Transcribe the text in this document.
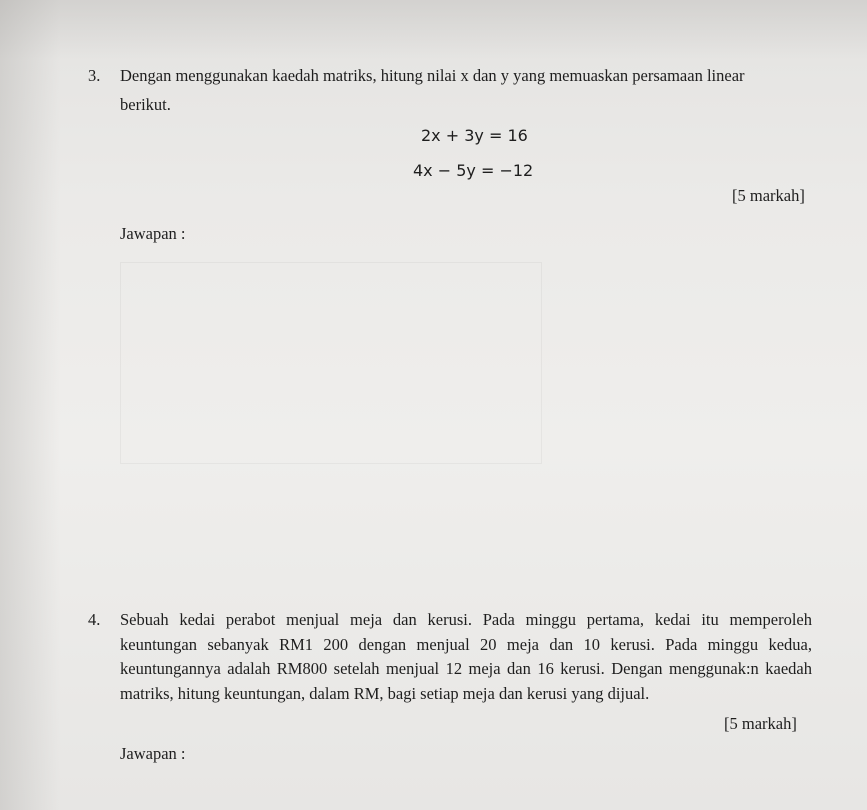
3. Dengan menggunakan kaedah matriks, hitung nilai x dan y yang memuaskan persamaan linear
berikut.
2x + 3y = 16
4x − 5y = −12
[5 markah]
Jawapan :
4. Sebuah kedai perabot menjual meja dan kerusi. Pada minggu pertama, kedai itu memperoleh keuntungan sebanyak RM1 200 dengan menjual 20 meja dan 10 kerusi. Pada minggu kedua, keuntungannya adalah RM800 setelah menjual 12 meja dan 16 kerusi. Dengan menggunak:n kaedah matriks, hitung keuntungan, dalam RM, bagi setiap meja dan kerusi yang dijual.
[5 markah]
Jawapan :
